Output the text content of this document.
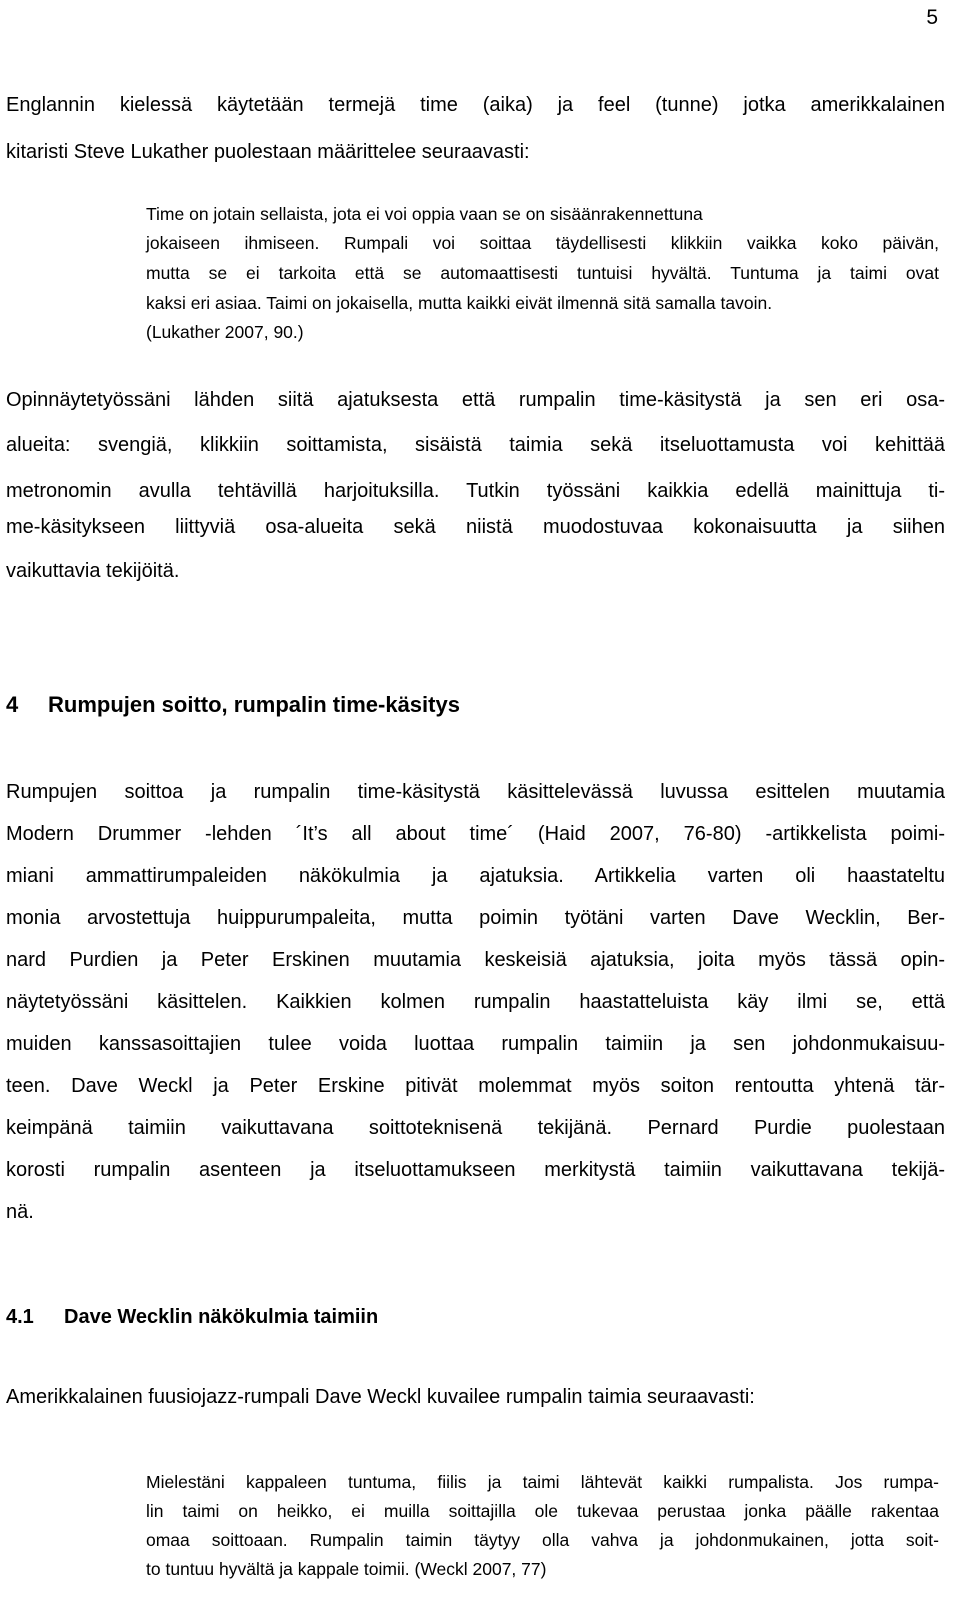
5

Englannin kielessä käytetään termejä time (aika) ja feel (tunne) jotka amerikkalainen

kitaristi Steve Lukather puolestaan määrittelee seuraavasti:

Time on jotain sellaista, jota ei voi oppia vaan se on sisäänrakennettuna

jokaiseen ihmiseen. Rumpali voi soittaa täydellisesti klikkiin vaikka koko päivän,

mutta se ei tarkoita että se automaattisesti tuntuisi hyvältä. Tuntuma ja taimi ovat

kaksi eri asiaa. Taimi on jokaisella, mutta kaikki eivät ilmennä sitä samalla tavoin.

(Lukather 2007, 90.)

Opinnäytetyössäni lähden siitä ajatuksesta että rumpalin time-käsitystä ja sen eri osa-

alueita: svengiä, klikkiin soittamista, sisäistä taimia sekä itseluottamusta voi kehittää

metronomin avulla tehtävillä harjoituksilla. Tutkin työssäni kaikkia edellä mainittuja ti-

me-käsitykseen liittyviä osa-alueita sekä niistä muodostuvaa kokonaisuutta ja siihen

vaikuttavia tekijöitä.

4 Rumpujen soitto, rumpalin time-käsitys

Rumpujen soittoa ja rumpalin time-käsitystä käsittelevässä luvussa esittelen muutamia

Modern Drummer -lehden ´It’s all about time´ (Haid 2007, 76-80) -artikkelista poimi-

miani ammattirumpaleiden näkökulmia ja ajatuksia. Artikkelia varten oli haastateltu

monia arvostettuja huippurumpaleita, mutta poimin työtäni varten Dave Wecklin, Ber-

nard Purdien ja Peter Erskinen muutamia keskeisiä ajatuksia, joita myös tässä opin-

näytetyössäni käsittelen. Kaikkien kolmen rumpalin haastatteluista käy ilmi se, että

muiden kanssasoittajien tulee voida luottaa rumpalin taimiin ja sen johdonmukaisuu-

teen. Dave Weckl ja Peter Erskine pitivät molemmat myös soiton rentoutta yhtenä tär-

keimpänä taimiin vaikuttavana soittoteknisenä tekijänä. Pernard Purdie puolestaan

korosti rumpalin asenteen ja itseluottamukseen merkitystä taimiin vaikuttavana tekijä-

nä.

4.1 Dave Wecklin näkökulmia taimiin

Amerikkalainen fuusiojazz-rumpali Dave Weckl kuvailee rumpalin taimia seuraavasti:

Mielestäni kappaleen tuntuma, fiilis ja taimi lähtevät kaikki rumpalista. Jos rumpa-

lin taimi on heikko, ei muilla soittajilla ole tukevaa perustaa jonka päälle rakentaa

omaa soittoaan. Rumpalin taimin täytyy olla vahva ja johdonmukainen, jotta soit-

to tuntuu hyvältä ja kappale toimii. (Weckl 2007, 77)
